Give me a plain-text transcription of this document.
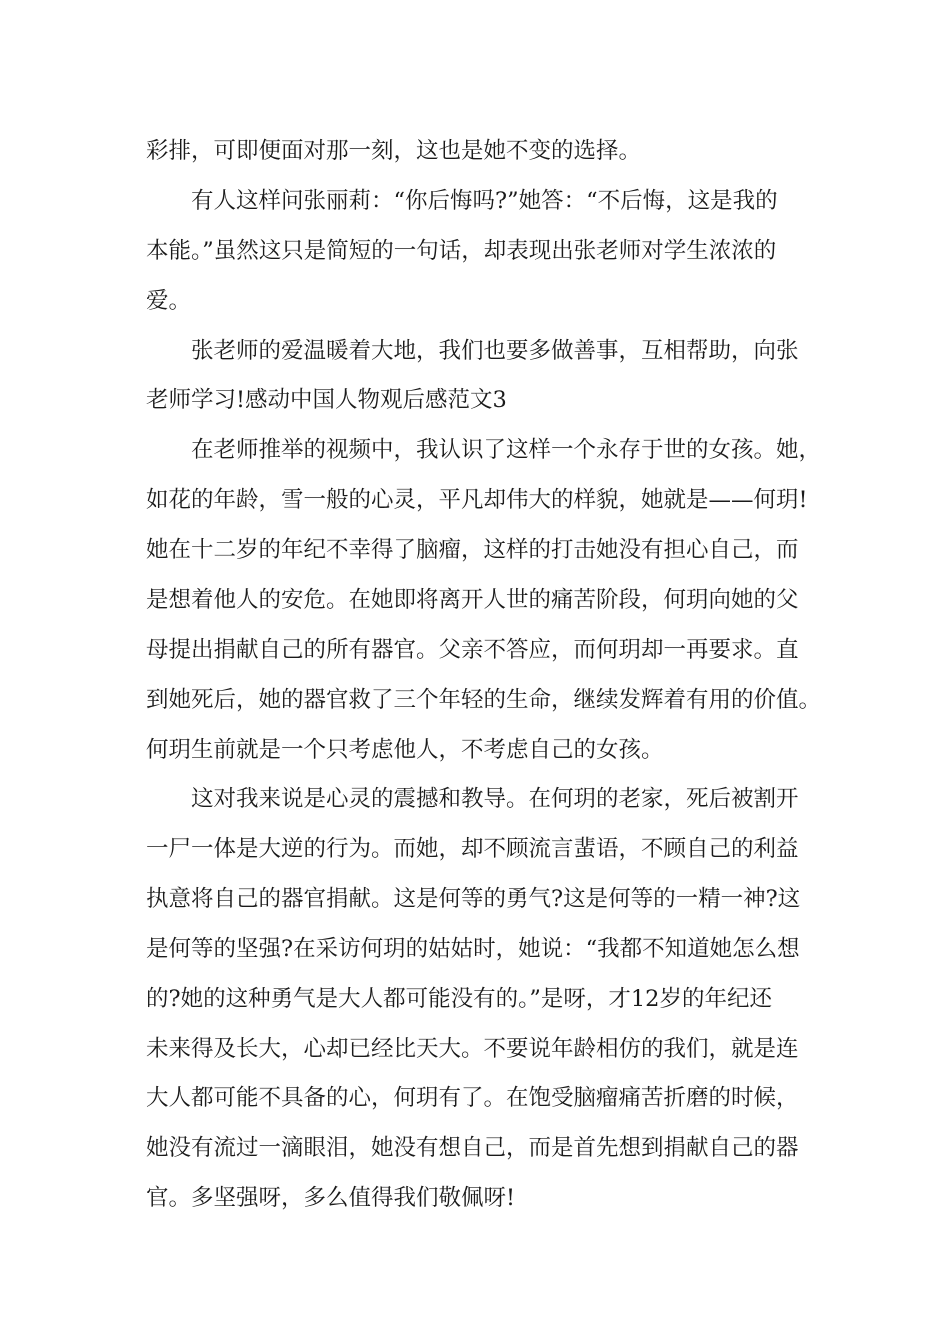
彩排，可即便面对那一刻，这也是她不变的选择。

有人这样问张丽莉：“你后悔吗?”她答：“不后悔，这是我的

本能。”虽然这只是简短的一句话，却表现出张老师对学生浓浓的

爱。

张老师的爱温暖着大地，我们也要多做善事，互相帮助，向张

老师学习!感动中国人物观后感范文3

在老师推举的视频中，我认识了这样一个永存于世的女孩。她，

如花的年龄，雪一般的心灵，平凡却伟大的样貌，她就是——何玥!

她在十二岁的年纪不幸得了脑瘤，这样的打击她没有担心自己，而

是想着他人的安危。在她即将离开人世的痛苦阶段，何玥向她的父

母提出捐献自己的所有器官。父亲不答应，而何玥却一再要求。直

到她死后，她的器官救了三个年轻的生命，继续发辉着有用的价值。

何玥生前就是一个只考虑他人，不考虑自己的女孩。

这对我来说是心灵的震撼和教导。在何玥的老家，死后被割开

一尸一体是大逆的行为。而她，却不顾流言蜚语，不顾自己的利益

执意将自己的器官捐献。这是何等的勇气?这是何等的一精一神?这

是何等的坚强?在采访何玥的姑姑时，她说：“我都不知道她怎么想

的?她的这种勇气是大人都可能没有的。”是呀，才12岁的年纪还

未来得及长大，心却已经比天大。不要说年龄相仿的我们，就是连

大人都可能不具备的心，何玥有了。在饱受脑瘤痛苦折磨的时候，

她没有流过一滴眼泪，她没有想自己，而是首先想到捐献自己的器

官。多坚强呀，多么值得我们敬佩呀!
